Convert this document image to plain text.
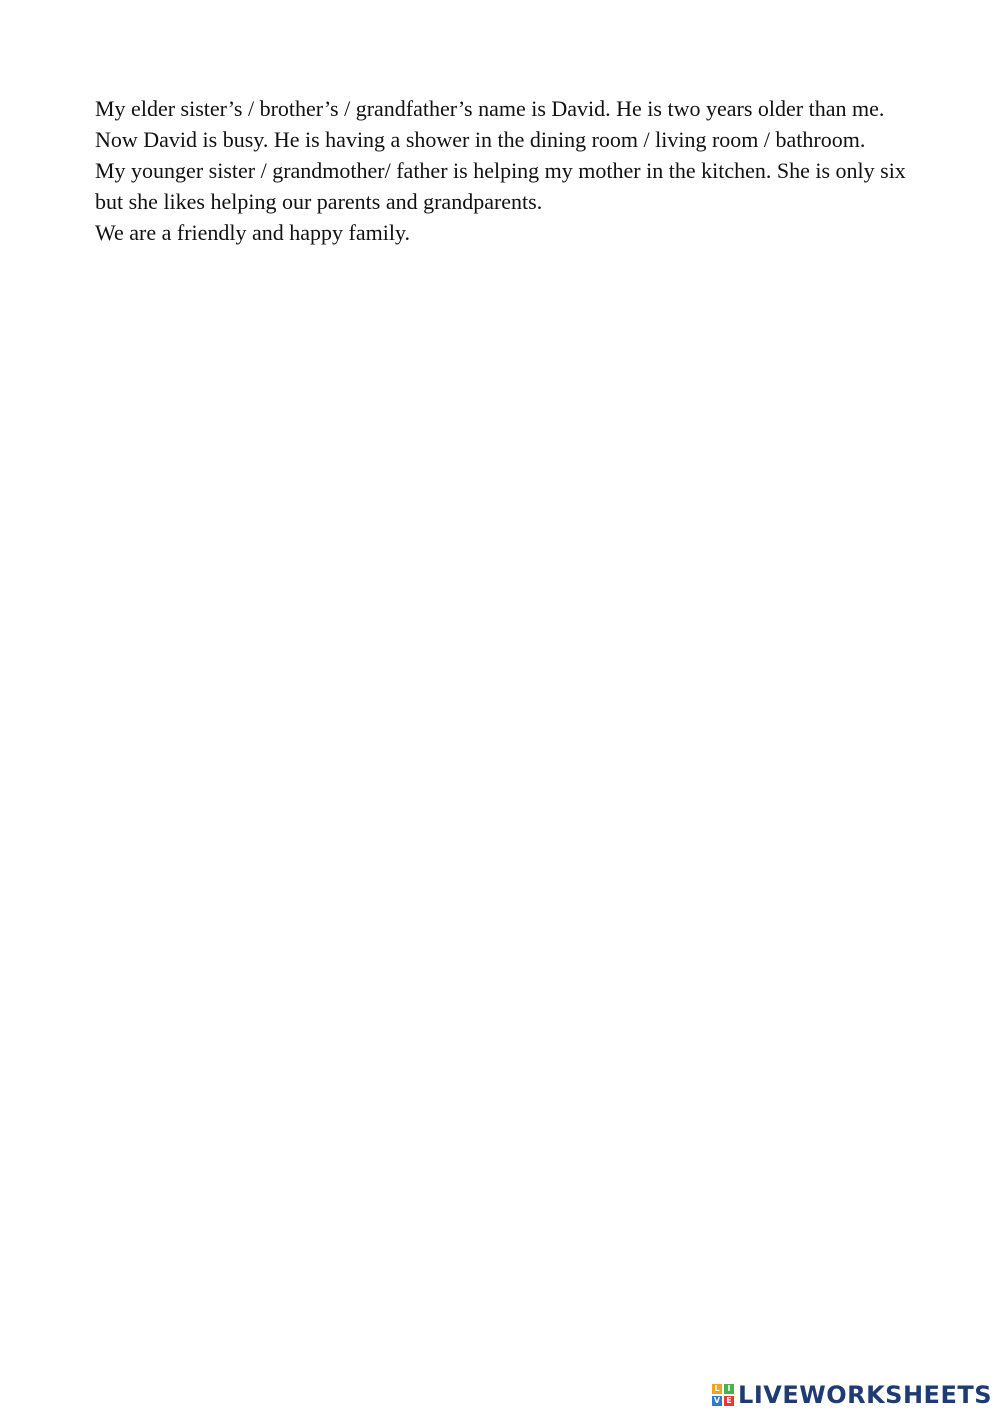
My elder sister’s / brother’s / grandfather’s name is David. He is two years older than me. Now David is busy. He is having a shower in the dining room / living room / bathroom.

My younger sister / grandmother/ father is helping my mother in the kitchen. She is only six but she likes helping our parents and grandparents.

We are a friendly and happy family.

L I
V E LIVEWORKSHEETS
